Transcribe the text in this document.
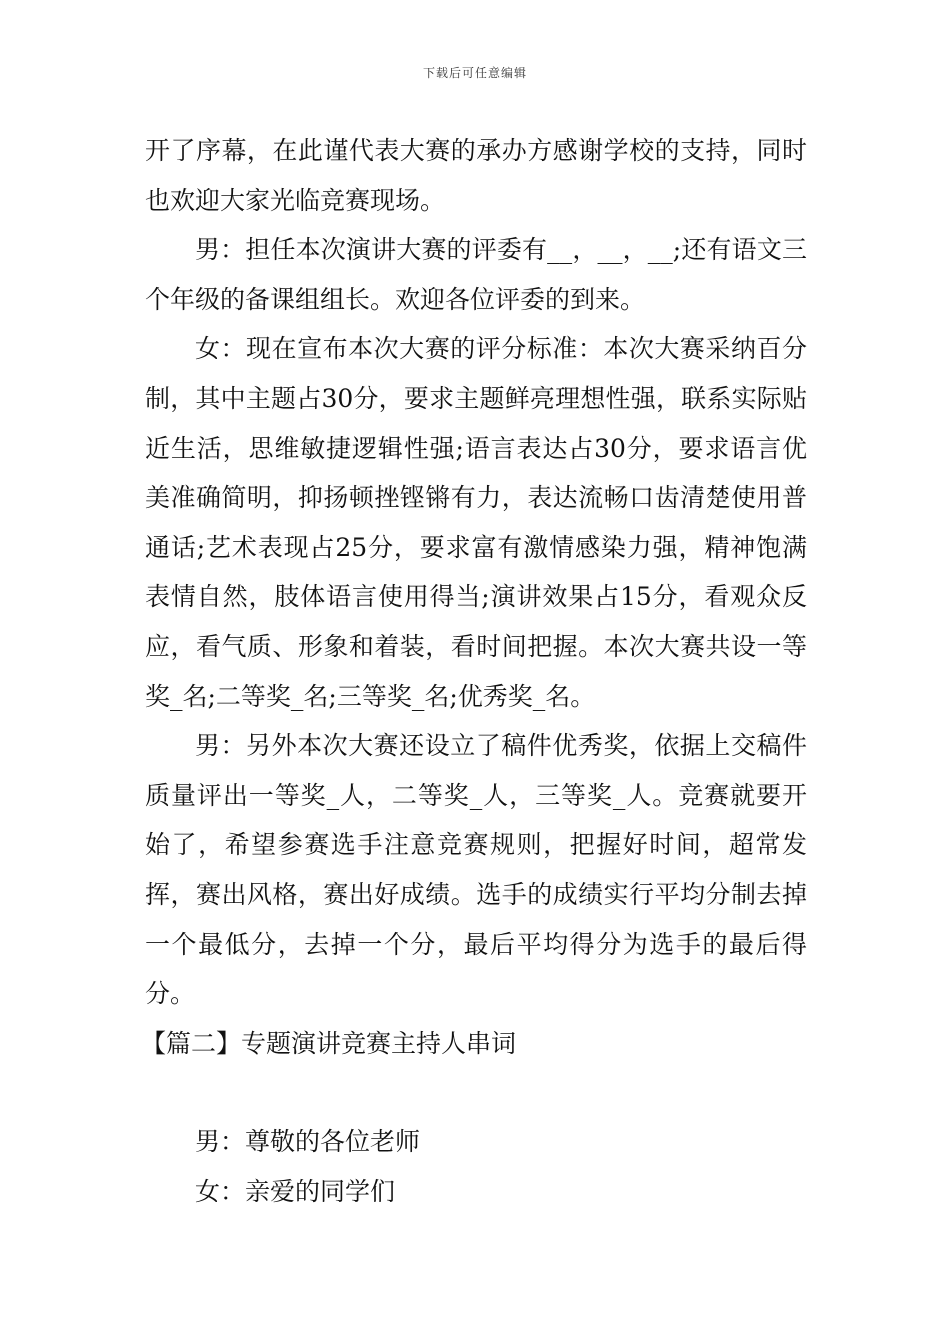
下载后可任意编辑

开了序幕，在此谨代表大赛的承办方感谢学校的支持，同时也欢迎大家光临竞赛现场。

男：担任本次演讲大赛的评委有__，__，__;还有语文三个年级的备课组组长。欢迎各位评委的到来。

女：现在宣布本次大赛的评分标准：本次大赛采纳百分制，其中主题占30分，要求主题鲜亮理想性强，联系实际贴近生活，思维敏捷逻辑性强;语言表达占30分，要求语言优美准确简明，抑扬顿挫铿锵有力，表达流畅口齿清楚使用普通话;艺术表现占25分，要求富有激情感染力强，精神饱满表情自然，肢体语言使用得当;演讲效果占15分，看观众反应，看气质、形象和着装，看时间把握。本次大赛共设一等奖_名;二等奖_名;三等奖_名;优秀奖_名。

男：另外本次大赛还设立了稿件优秀奖，依据上交稿件质量评出一等奖_人，二等奖_人，三等奖_人。竞赛就要开始了，希望参赛选手注意竞赛规则，把握好时间，超常发挥，赛出风格，赛出好成绩。选手的成绩实行平均分制去掉一个最低分，去掉一个分，最后平均得分为选手的最后得分。

【篇二】专题演讲竞赛主持人串词

男：尊敬的各位老师

女：亲爱的同学们
